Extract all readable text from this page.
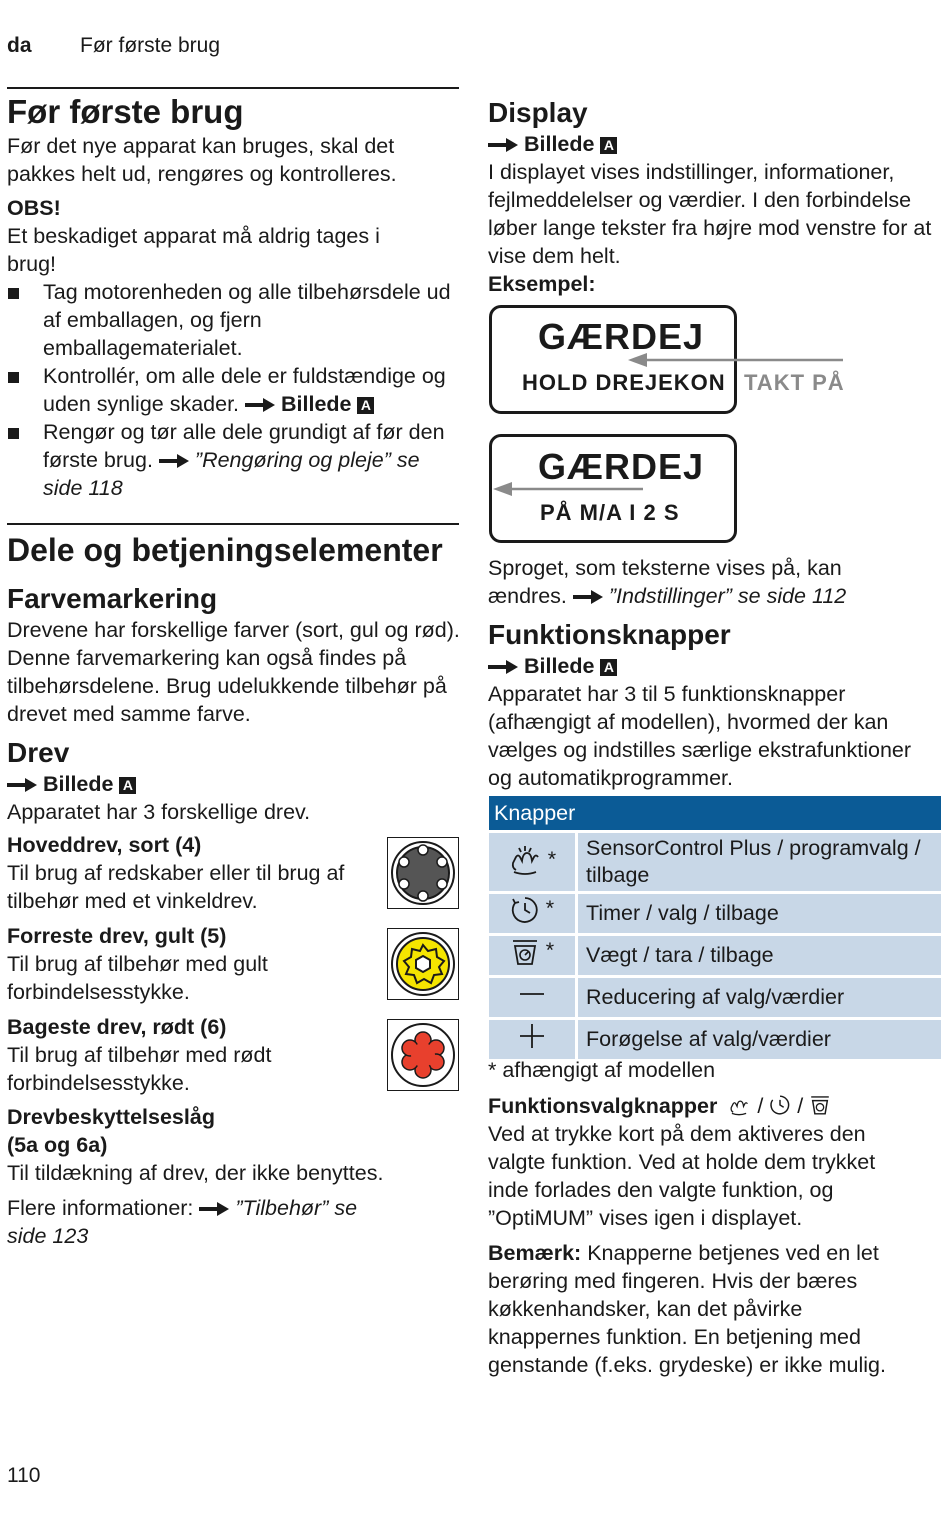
da Før første brug
Før første brug

Før det nye apparat kan bruges, skal det pakkes helt ud, rengøres og kontrolleres.

OBS!

Et beskadiget apparat må aldrig tages i brug!

Tag motorenheden og alle tilbehørsdele ud af emballagen, og fjern emballagematerialet.
Kontrollér, om alle dele er fuldstændige og uden synlige skader. Billede A
Rengør og tør alle dele grundigt af før den første brug. ”Rengøring og pleje” se side 118
Dele og betjeningselementer
Farvemarkering

Drevene har forskellige farver (sort, gul og rød). Denne farvemarkering kan også findes på tilbehørsdelene. Brug udelukkende tilbehør på drevet med samme farve.

Drev
Billede A

Apparatet har 3 forskellige drev.

Hoveddrev, sort (4)

Til brug af redskaber eller til brug af tilbehør med et vinkeldrev.

Forreste drev, gult (5)

Til brug af tilbehør med gult forbindelsesstykke.

Bageste drev, rødt (6)

Til brug af tilbehør med rødt forbindelsesstykke.

Drevbeskyttelseslåg

(5a og 6a)

Til tildækning af drev, der ikke benyttes.

Flere informationer: ”Tilbehør” se side 123

Display
Billede A

I displayet vises indstillinger, informationer, fejlmeddelelser og værdier. I den forbindelse løber lange tekster fra højre mod venstre for at vise dem helt.

Eksempel:

GÆRDEJ
HOLD DREJEKON TAKT PÅ
GÆRDEJ
PÅ M/A I 2 S

Sproget, som teksterne vises på, kan ændres. ”Indstillinger” se side 112

Funktionsknapper
Billede A

Apparatet har 3 til 5 funktionsknapper (afhængigt af modellen), hvormed der kan vælges og indstilles særlige ekstrafunktioner og automatikprogrammer.

Knapper	
*	SensorControl Plus / programvalg / tilbage
*	Timer / valg / tilbage
*	Vægt / tara / tilbage
	Reducering af valg/værdier
	Forøgelse af valg/værdier

* afhængigt af modellen

Funktionsvalgknapper / /

Ved at trykke kort på dem aktiveres den valgte funktion. Ved at holde dem trykket inde forlades den valgte funktion, og ”OptiMUM” vises igen i displayet.

Bemærk: Knapperne betjenes ved en let berøring med fingeren. Hvis der bæres køkkenhandsker, kan det påvirke knappernes funktion. En betjening med genstande (f.eks. grydeske) er ikke mulig.

110
